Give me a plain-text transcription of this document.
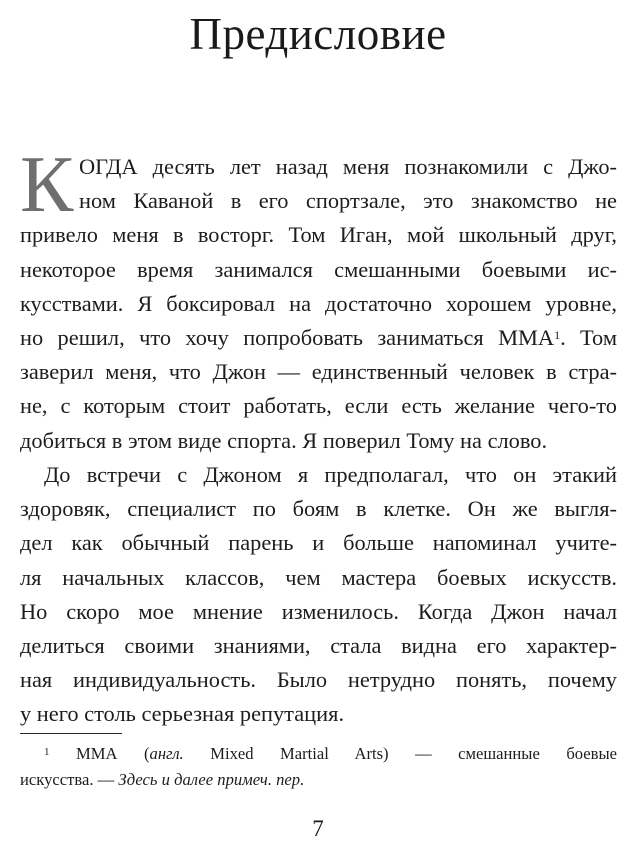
Предисловие
К ОГДА десять лет назад меня познакомили с Джо-
ном Каваной в его спортзале, это знакомство не
привело меня в восторг. Том Иган, мой школьный друг,
некоторое время занимался смешанными боевыми ис-
кусствами. Я боксировал на достаточно хорошем уровне,
но решил, что хочу попробовать заниматься ММА$^1$. Том
заверил меня, что Джон — единственный человек в стра-
не, с которым стоит работать, если есть желание чего-то
добиться в этом виде спорта. Я поверил Тому на слово.
До встречи с Джоном я предполагал, что он этакий
здоровяк, специалист по боям в клетке. Он же выгля-
дел как обычный парень и больше напоминал учите-
ля начальных классов, чем мастера боевых искусств.
Но скоро мое мнение изменилось. Когда Джон начал
делиться своими знаниями, стала видна его характер-
ная индивидуальность. Было нетрудно понять, почему
у него столь серьезная репутация.
$^1$ ММА (англ. Mixed Martial Arts) — смешанные боевые
искусства. — Здесь и далее примеч. пер.
7
